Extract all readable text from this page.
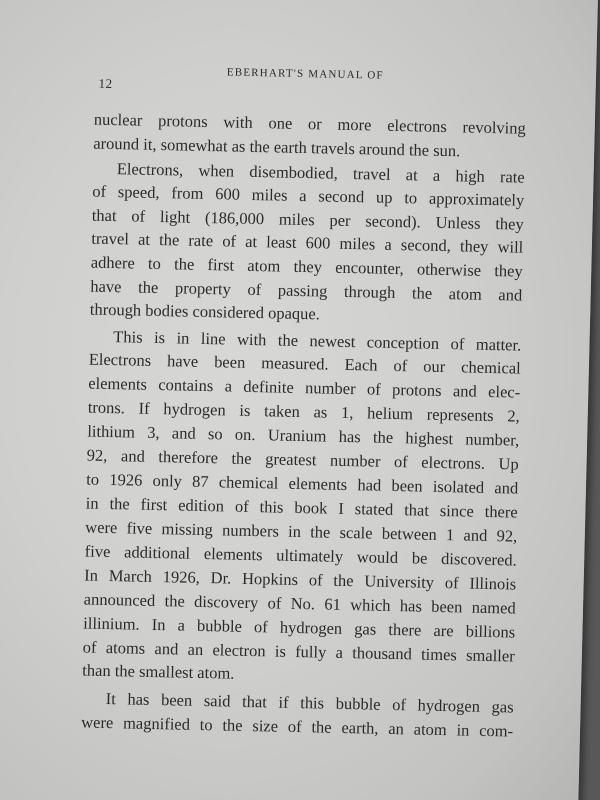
12
EBERHART'S MANUAL OF
nuclear protons with one or more electrons revolving
around it, somewhat as the earth travels around the sun.
Electrons, when disembodied, travel at a high rate
of speed, from 600 miles a second up to approximately
that of light (186,000 miles per second). Unless they
travel at the rate of at least 600 miles a second, they will
adhere to the first atom they encounter, otherwise they
have the property of passing through the atom and
through bodies considered opaque.
This is in line with the newest conception of matter.
Electrons have been measured. Each of our chemical
elements contains a definite number of protons and elec-
trons. If hydrogen is taken as 1, helium represents 2,
lithium 3, and so on. Uranium has the highest number,
92, and therefore the greatest number of electrons. Up
to 1926 only 87 chemical elements had been isolated and
in the first edition of this book I stated that since there
were five missing numbers in the scale between 1 and 92,
five additional elements ultimately would be discovered.
In March 1926, Dr. Hopkins of the University of Illinois
announced the discovery of No. 61 which has been named
illinium. In a bubble of hydrogen gas there are billions
of atoms and an electron is fully a thousand times smaller
than the smallest atom.
It has been said that if this bubble of hydrogen gas
were magnified to the size of the earth, an atom in com-
